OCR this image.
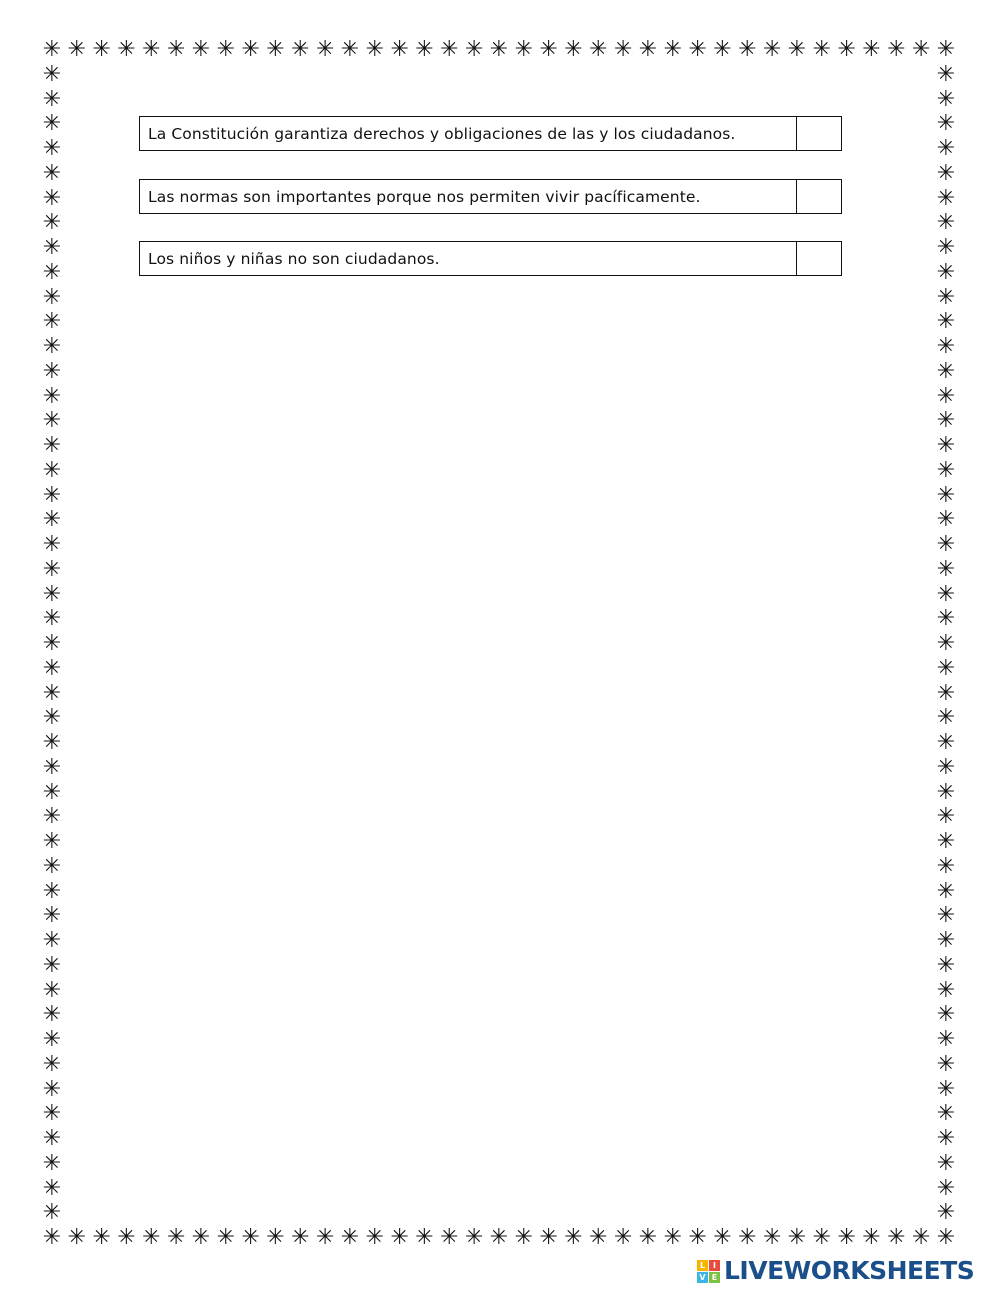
✳
✳
✳
✳
✳
✳
✳
✳
✳
✳
✳
✳
✳
✳
✳
✳
✳
✳
✳
✳
✳
✳
✳
✳
✳
✳
✳
✳
✳
✳
✳
✳
✳
✳
✳
✳
✳
✳
✳
✳
✳
✳
✳
✳
✳
✳
✳
✳
✳
✳
✳
✳
✳
✳
✳
✳
✳
✳
✳
✳
✳
✳
✳
✳
✳
✳
✳
✳
✳
✳
✳
✳
✳
✳
✳	✳
✳	✳
✳	✳
✳	✳
✳	✳
✳	✳
✳	✳
✳	✳
✳	✳
✳	✳
✳	✳
✳	✳
✳	✳
✳	✳
✳	✳
✳	✳
✳	✳
✳	✳
✳	✳
✳	✳
✳	✳
✳	✳
✳	✳
✳	✳
✳	✳
✳	✳
✳	✳
✳	✳
✳	✳
✳	✳
✳	✳
✳	✳
✳	✳
✳	✳
✳	✳
✳	✳
✳	✳
✳	✳
✳	✳
✳	✳
✳	✳
✳	✳
✳	✳
✳	✳
✳	✳
✳	✳
✳	✳
La Constitución garantiza derechos y obligaciones de las y los ciudadanos.
Las normas son importantes porque nos permiten vivir pacíficamente.
Los niños y niñas no son ciudadanos.
L I
V E LIVEWORKSHEETS
